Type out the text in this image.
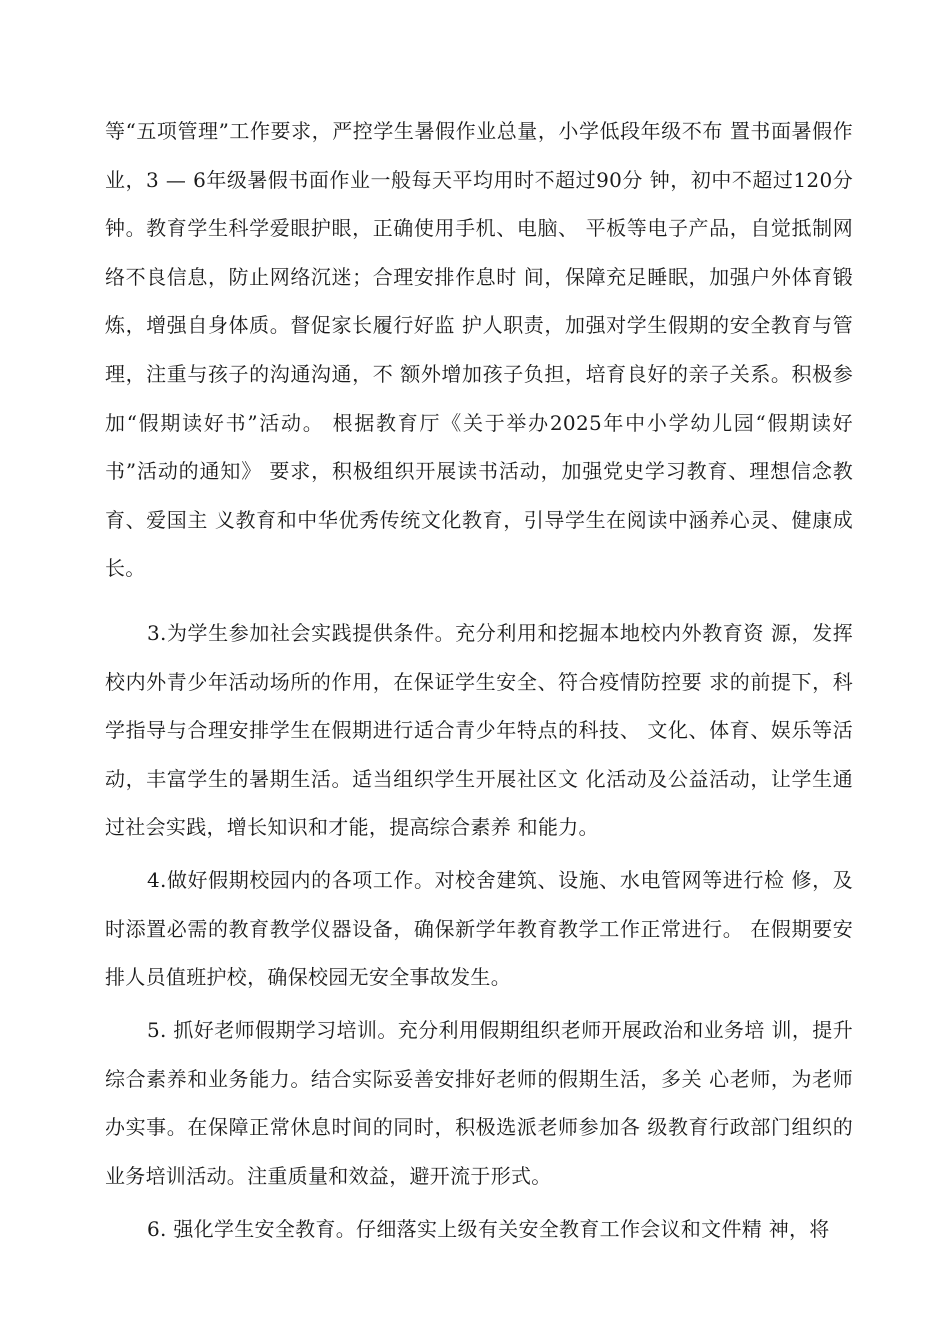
等“五项管理”工作要求，严控学生暑假作业总量，小学低段年级不布 置书面暑假作业，3 — 6年级暑假书面作业一般每天平均用时不超过90分 钟，初中不超过120分钟。教育学生科学爱眼护眼，正确使用手机、电脑、 平板等电子产品，自觉抵制网络不良信息，防止网络沉迷；合理安排作息时 间，保障充足睡眠，加强户外体育锻炼，增强自身体质。督促家长履行好监 护人职责，加强对学生假期的安全教育与管理，注重与孩子的沟通沟通，不 额外增加孩子负担，培育良好的亲子关系。积极参加“假期读好书”活动。 根据教育厅《关于举办2025年中小学幼儿园“假期读好书”活动的通知》 要求，积极组织开展读书活动，加强党史学习教育、理想信念教育、爱国主 义教育和中华优秀传统文化教育，引导学生在阅读中涵养心灵、健康成长。

3.为学生参加社会实践提供条件。充分利用和挖掘本地校内外教育资 源，发挥校内外青少年活动场所的作用，在保证学生安全、符合疫情防控要 求的前提下，科学指导与合理安排学生在假期进行适合青少年特点的科技、 文化、体育、娱乐等活动，丰富学生的暑期生活。适当组织学生开展社区文 化活动及公益活动，让学生通过社会实践，增长知识和才能，提高综合素养 和能力。

4.做好假期校园内的各项工作。对校舍建筑、设施、水电管网等进行检 修，及时添置必需的教育教学仪器设备，确保新学年教育教学工作正常进行。 在假期要安排人员值班护校，确保校园无安全事故发生。

5. 抓好老师假期学习培训。充分利用假期组织老师开展政治和业务培 训，提升综合素养和业务能力。结合实际妥善安排好老师的假期生活，多关 心老师，为老师办实事。在保障正常休息时间的同时，积极选派老师参加各 级教育行政部门组织的业务培训活动。注重质量和效益，避开流于形式。

6. 强化学生安全教育。仔细落实上级有关安全教育工作会议和文件精 神，将
